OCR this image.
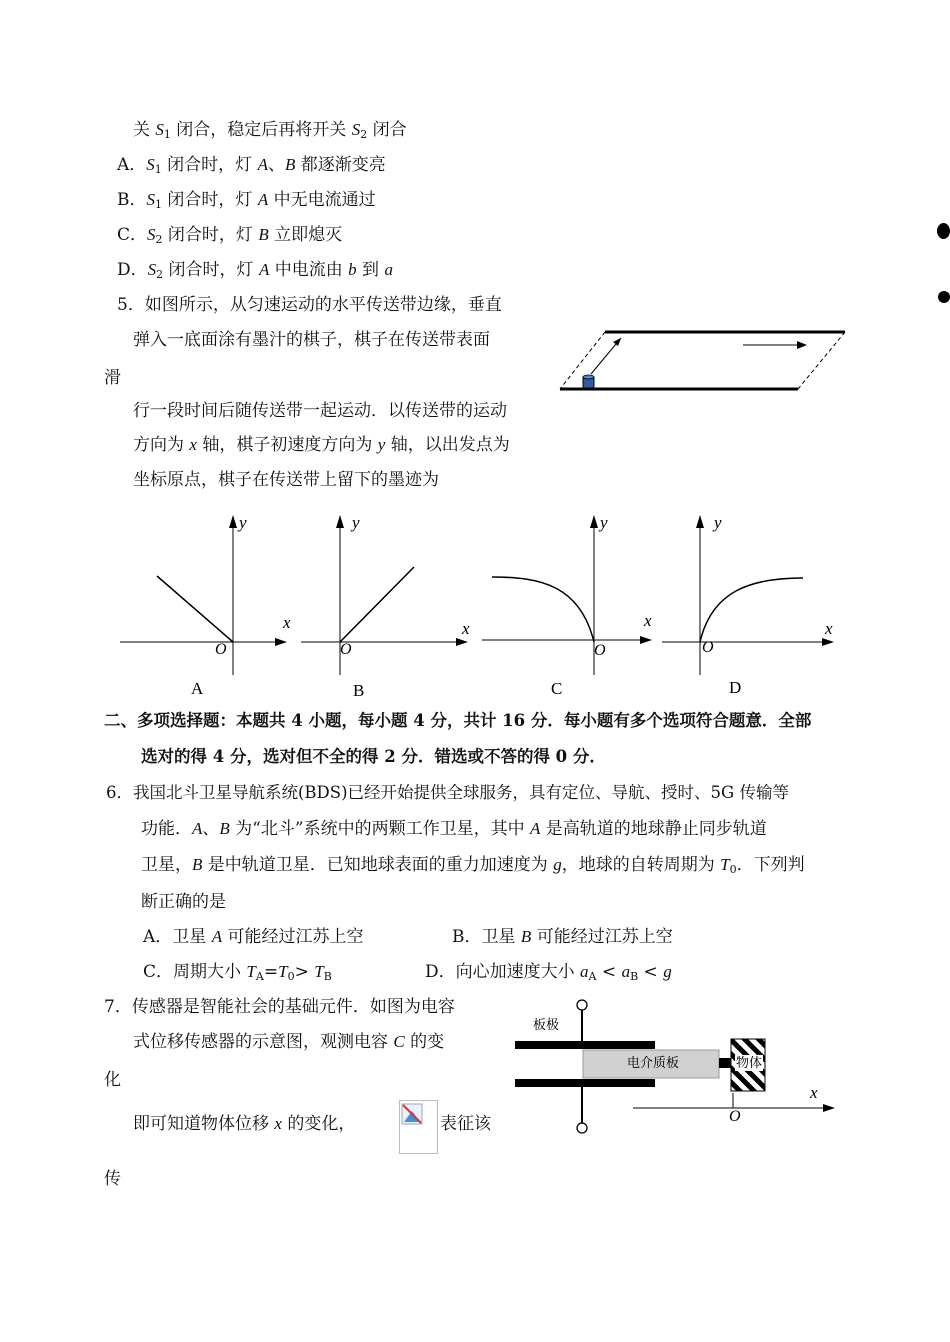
关 $S_1$ 闭合，稳定后再将开关 $S_2$ 闭合
A．$S_1$ 闭合时，灯 A、B 都逐渐变亮
B．$S_1$ 闭合时，灯 A 中无电流通过
C．$S_2$ 闭合时，灯 B 立即熄灭
D．$S_2$ 闭合时，灯 A 中电流由 b 到 a
5．如图所示，从匀速运动的水平传送带边缘，垂直
弹入一底面涂有墨汁的棋子，棋子在传送带表面
滑
行一段时间后随传送带一起运动．以传送带的运动
方向为 x 轴，棋子初速度方向为 y 轴，以出发点为
坐标原点，棋子在传送带上留下的墨迹为
y
x
O
A
y
x
O
B
y
x
O
C
y
x
O
D
二、多项选择题：本题共 4 小题，每小题 4 分，共计 16 分．每小题有多个选项符合题意．全部
选对的得 4 分，选对但不全的得 2 分．错选或不答的得 0 分．
6．我国北斗卫星导航系统(BDS)已经开始提供全球服务，具有定位、导航、授时、5G 传输等
功能．A、B 为“北斗”系统中的两颗工作卫星，其中 A 是高轨道的地球静止同步轨道
卫星，B 是中轨道卫星．已知地球表面的重力加速度为 g，地球的自转周期为 $T_0$．下列判
断正确的是
A．卫星 A 可能经过江苏上空	B．卫星 B 可能经过江苏上空
C．周期大小 $T_A=T_0> T_B$	D．向心加速度大小 $a_A < a_B < g$
7．传感器是智能社会的基础元件．如图为电容
式位移传感器的示意图，观测电容 C 的变
化
即可知道物体位移 x 的变化，	表征该
传
板极
电介质板	物体
x
O
